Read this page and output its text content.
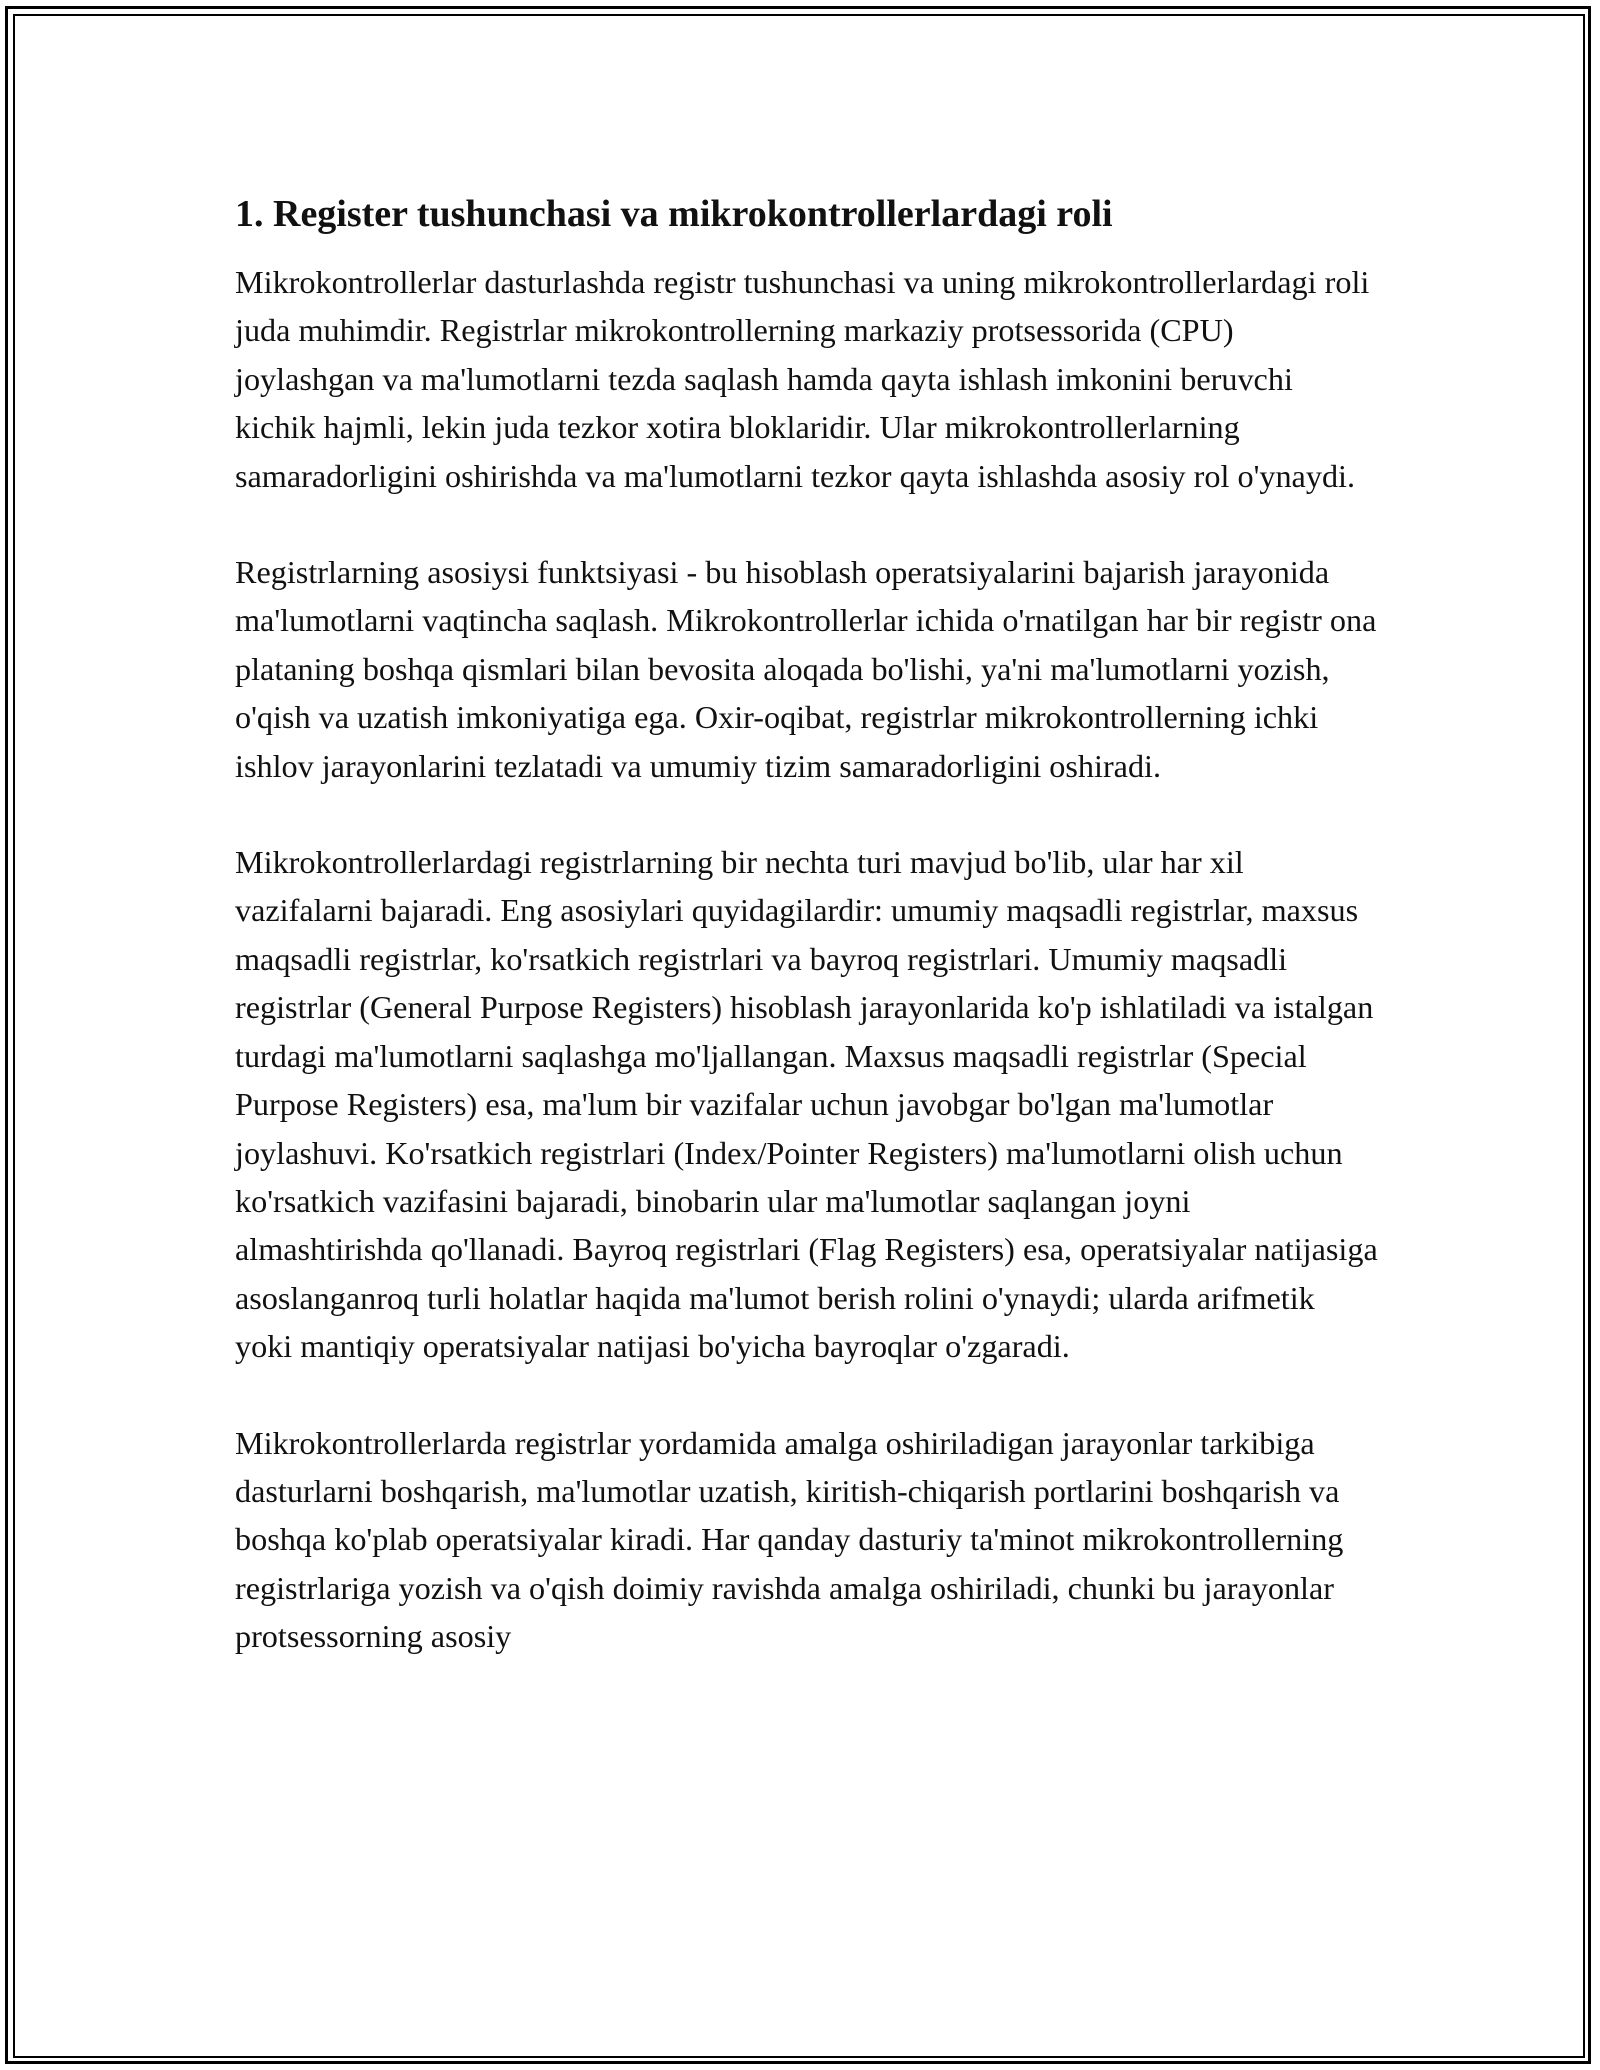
1. Register tushunchasi va mikrokontrollerlardagi roli

Mikrokontrollerlar dasturlashda registr tushunchasi va uning mikrokontrollerlardagi roli juda muhimdir. Registrlar mikrokontrollerning markaziy protsessorida (CPU) joylashgan va ma'lumotlarni tezda saqlash hamda qayta ishlash imkonini beruvchi kichik hajmli, lekin juda tezkor xotira bloklaridir. Ular mikrokontrollerlarning samaradorligini oshirishda va ma'lumotlarni tezkor qayta ishlashda asosiy rol o'ynaydi.

Registrlarning asosiysi funktsiyasi - bu hisoblash operatsiyalarini bajarish jarayonida ma'lumotlarni vaqtincha saqlash. Mikrokontrollerlar ichida o'rnatilgan har bir registr ona plataning boshqa qismlari bilan bevosita aloqada bo'lishi, ya'ni ma'lumotlarni yozish, o'qish va uzatish imkoniyatiga ega. Oxir-oqibat, registrlar mikrokontrollerning ichki ishlov jarayonlarini tezlatadi va umumiy tizim samaradorligini oshiradi.

Mikrokontrollerlardagi registrlarning bir nechta turi mavjud bo'lib, ular har xil vazifalarni bajaradi. Eng asosiylari quyidagilardir: umumiy maqsadli registrlar, maxsus maqsadli registrlar, ko'rsatkich registrlari va bayroq registrlari. Umumiy maqsadli registrlar (General Purpose Registers) hisoblash jarayonlarida ko'p ishlatiladi va istalgan turdagi ma'lumotlarni saqlashga mo'ljallangan. Maxsus maqsadli registrlar (Special Purpose Registers) esa, ma'lum bir vazifalar uchun javobgar bo'lgan ma'lumotlar joylashuvi. Ko'rsatkich registrlari (Index/Pointer Registers) ma'lumotlarni olish uchun ko'rsatkich vazifasini bajaradi, binobarin ular ma'lumotlar saqlangan joyni almashtirishda qo'llanadi. Bayroq registrlari (Flag Registers) esa, operatsiyalar natijasiga asoslanganroq turli holatlar haqida ma'lumot berish rolini o'ynaydi; ularda arifmetik yoki mantiqiy operatsiyalar natijasi bo'yicha bayroqlar o'zgaradi.

Mikrokontrollerlarda registrlar yordamida amalga oshiriladigan jarayonlar tarkibiga dasturlarni boshqarish, ma'lumotlar uzatish, kiritish-chiqarish portlarini boshqarish va boshqa ko'plab operatsiyalar kiradi. Har qanday dasturiy ta'minot mikrokontrollerning registrlariga yozish va o'qish doimiy ravishda amalga oshiriladi, chunki bu jarayonlar protsessorning asosiy
